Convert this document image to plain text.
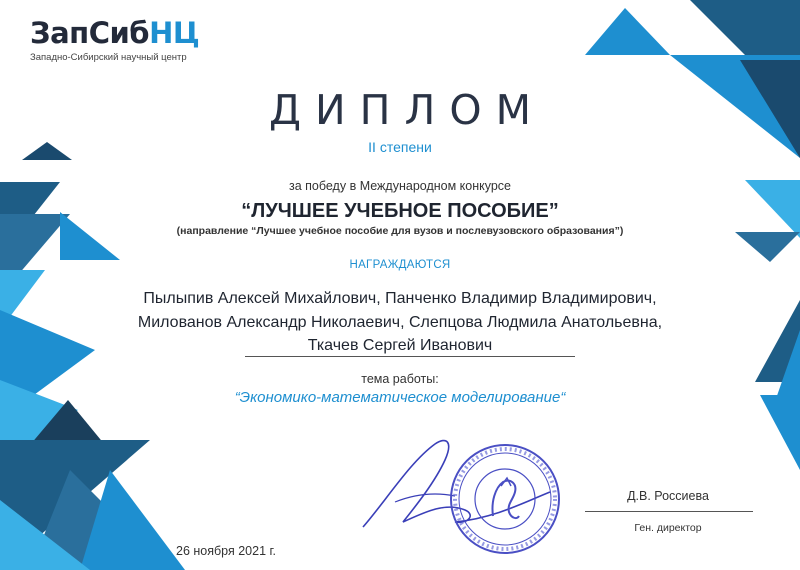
ЗапСибНЦ
Западно-Сибирский научный центр
ДИПЛОМ
II степени
за победу в Международном конкурсе
“ЛУЧШЕЕ УЧЕБНОЕ ПОСОБИЕ”
(направление “Лучшее учебное пособие для вузов и послевузовского образования”)
НАГРАЖДАЮТСЯ
Пылыпив Алексей Михайлович, Панченко Владимир Владимирович,
Милованов Александр Николаевич, Слепцова Людмила Анатольевна,
Ткачев Сергей Иванович
тема работы:
“Экономико-математическое моделирование“
Д.В. Россиева
Ген. директор
26 ноября 2021 г.
